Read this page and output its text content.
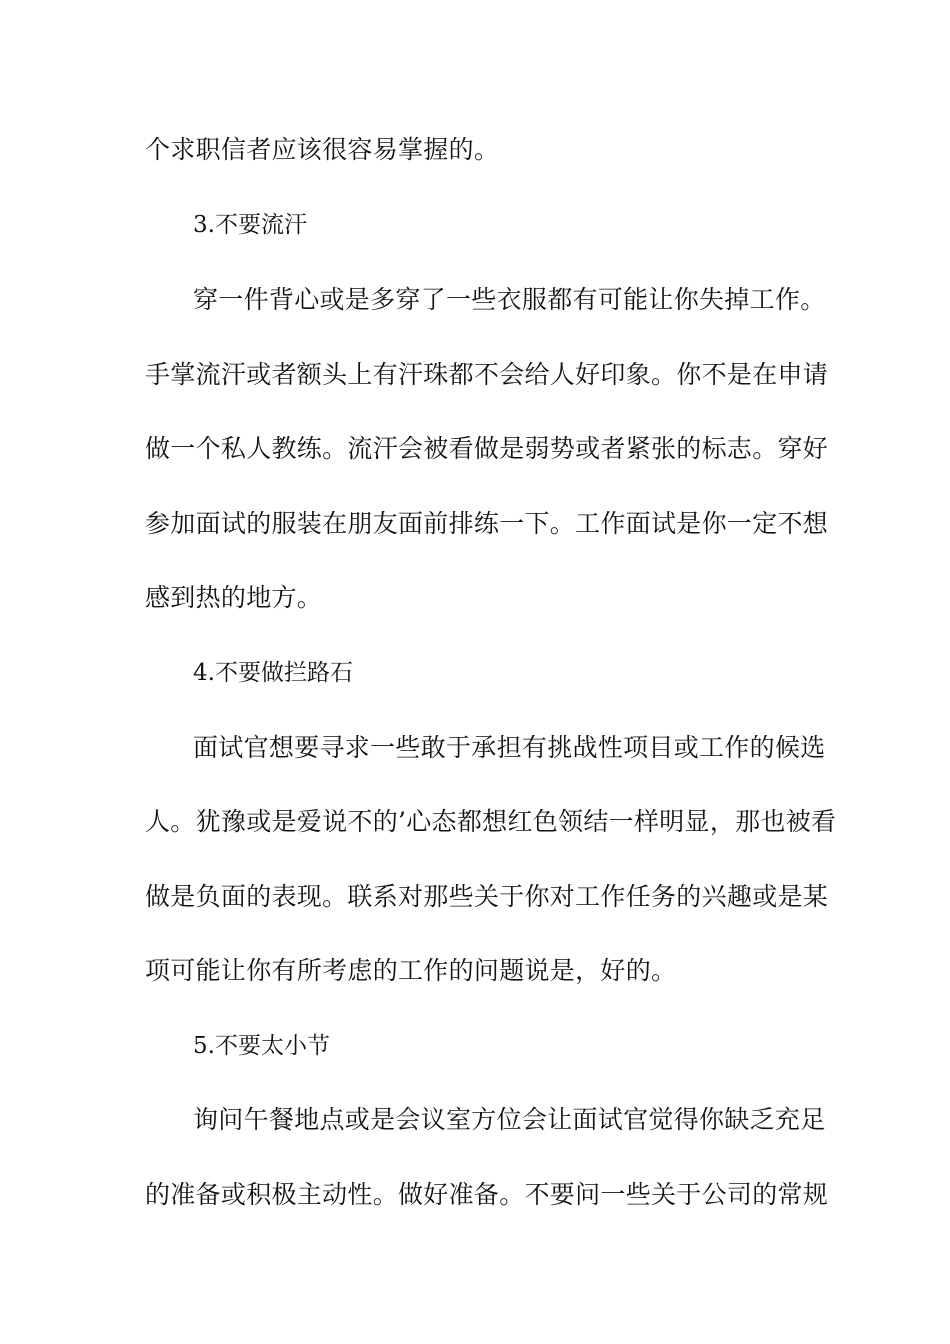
个求职信者应该很容易掌握的。
3.不要流汗
穿一件背心或是多穿了一些衣服都有可能让你失掉工作。
手掌流汗或者额头上有汗珠都不会给人好印象。你不是在申请
做一个私人教练。流汗会被看做是弱势或者紧张的标志。穿好
参加面试的服装在朋友面前排练一下。工作面试是你一定不想
感到热的地方。
4.不要做拦路石
面试官想要寻求一些敢于承担有挑战性项目或工作的候选
人。犹豫或是爱说不的’心态都想红色领结一样明显，那也被看
做是负面的表现。联系对那些关于你对工作任务的兴趣或是某
项可能让你有所考虑的工作的问题说是，好的。
5.不要太小节
询问午餐地点或是会议室方位会让面试官觉得你缺乏充足
的准备或积极主动性。做好准备。不要问一些关于公司的常规
